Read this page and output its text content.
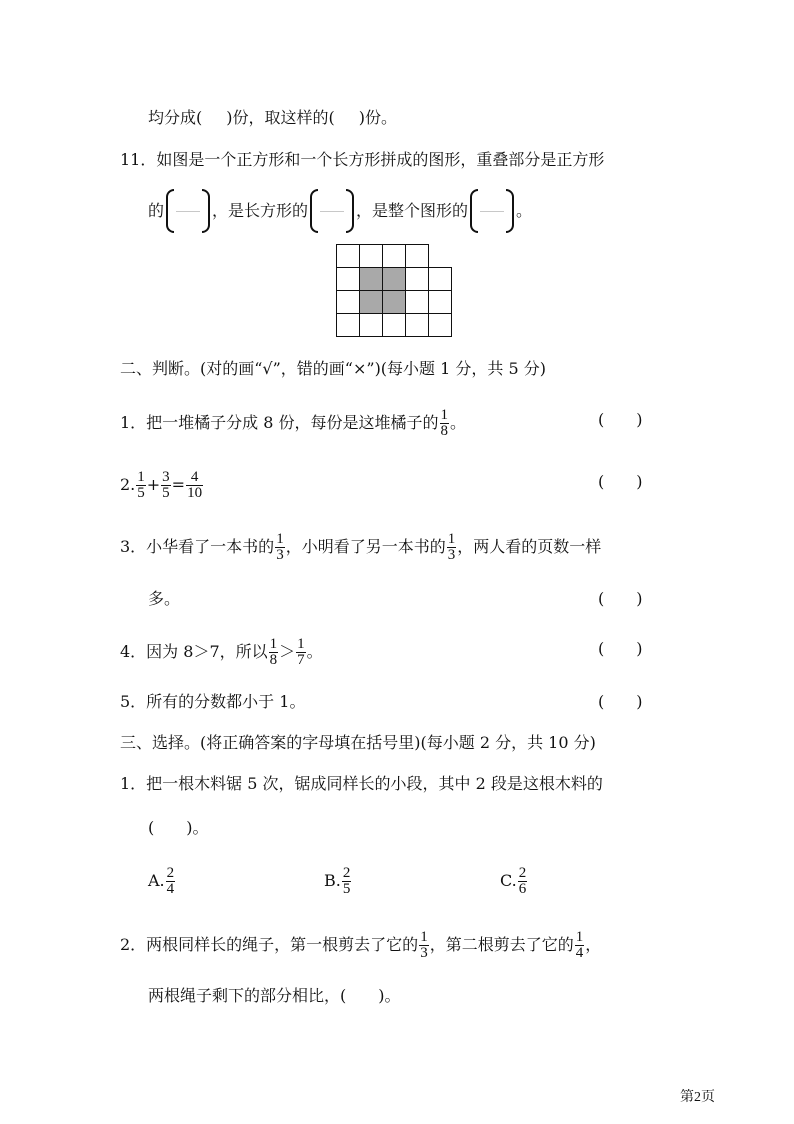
均分成( )份，取这样的( )份。
11．如图是一个正方形和一个长方形拼成的图形，重叠部分是正方形
的	，是长方形的	，是整个图形的	。
二、判断。(对的画“√”，错的画“×”)(每小题 1 分，共 5 分)
1．把一堆橘子分成 8 份，每份是这堆橘子的 $\frac{1}{8}$ 。	(　　)
2. $\frac{1}{5} + \frac{3}{5} = \frac{4}{10}$	(　　)
3．小华看了一本书的 $\frac{1}{3}$ ，小明看了另一本书的 $\frac{1}{3}$ ，两人看的页数一样
多。	(　　)
4．因为 8＞7，所以 $\frac{1}{8} > \frac{1}{7}$ 。	(　　)
5．所有的分数都小于 1。	(　　)
三、选择。(将正确答案的字母填在括号里)(每小题 2 分，共 10 分)
1．把一根木料锯 5 次，锯成同样长的小段，其中 2 段是这根木料的
(　　)。
A. $\frac{2}{4}$	B. $\frac{2}{5}$	C. $\frac{2}{6}$
2．两根同样长的绳子，第一根剪去了它的 $\frac{1}{3}$ ，第二根剪去了它的 $\frac{1}{4}$ ，
两根绳子剩下的部分相比，(　　)。
第2页
